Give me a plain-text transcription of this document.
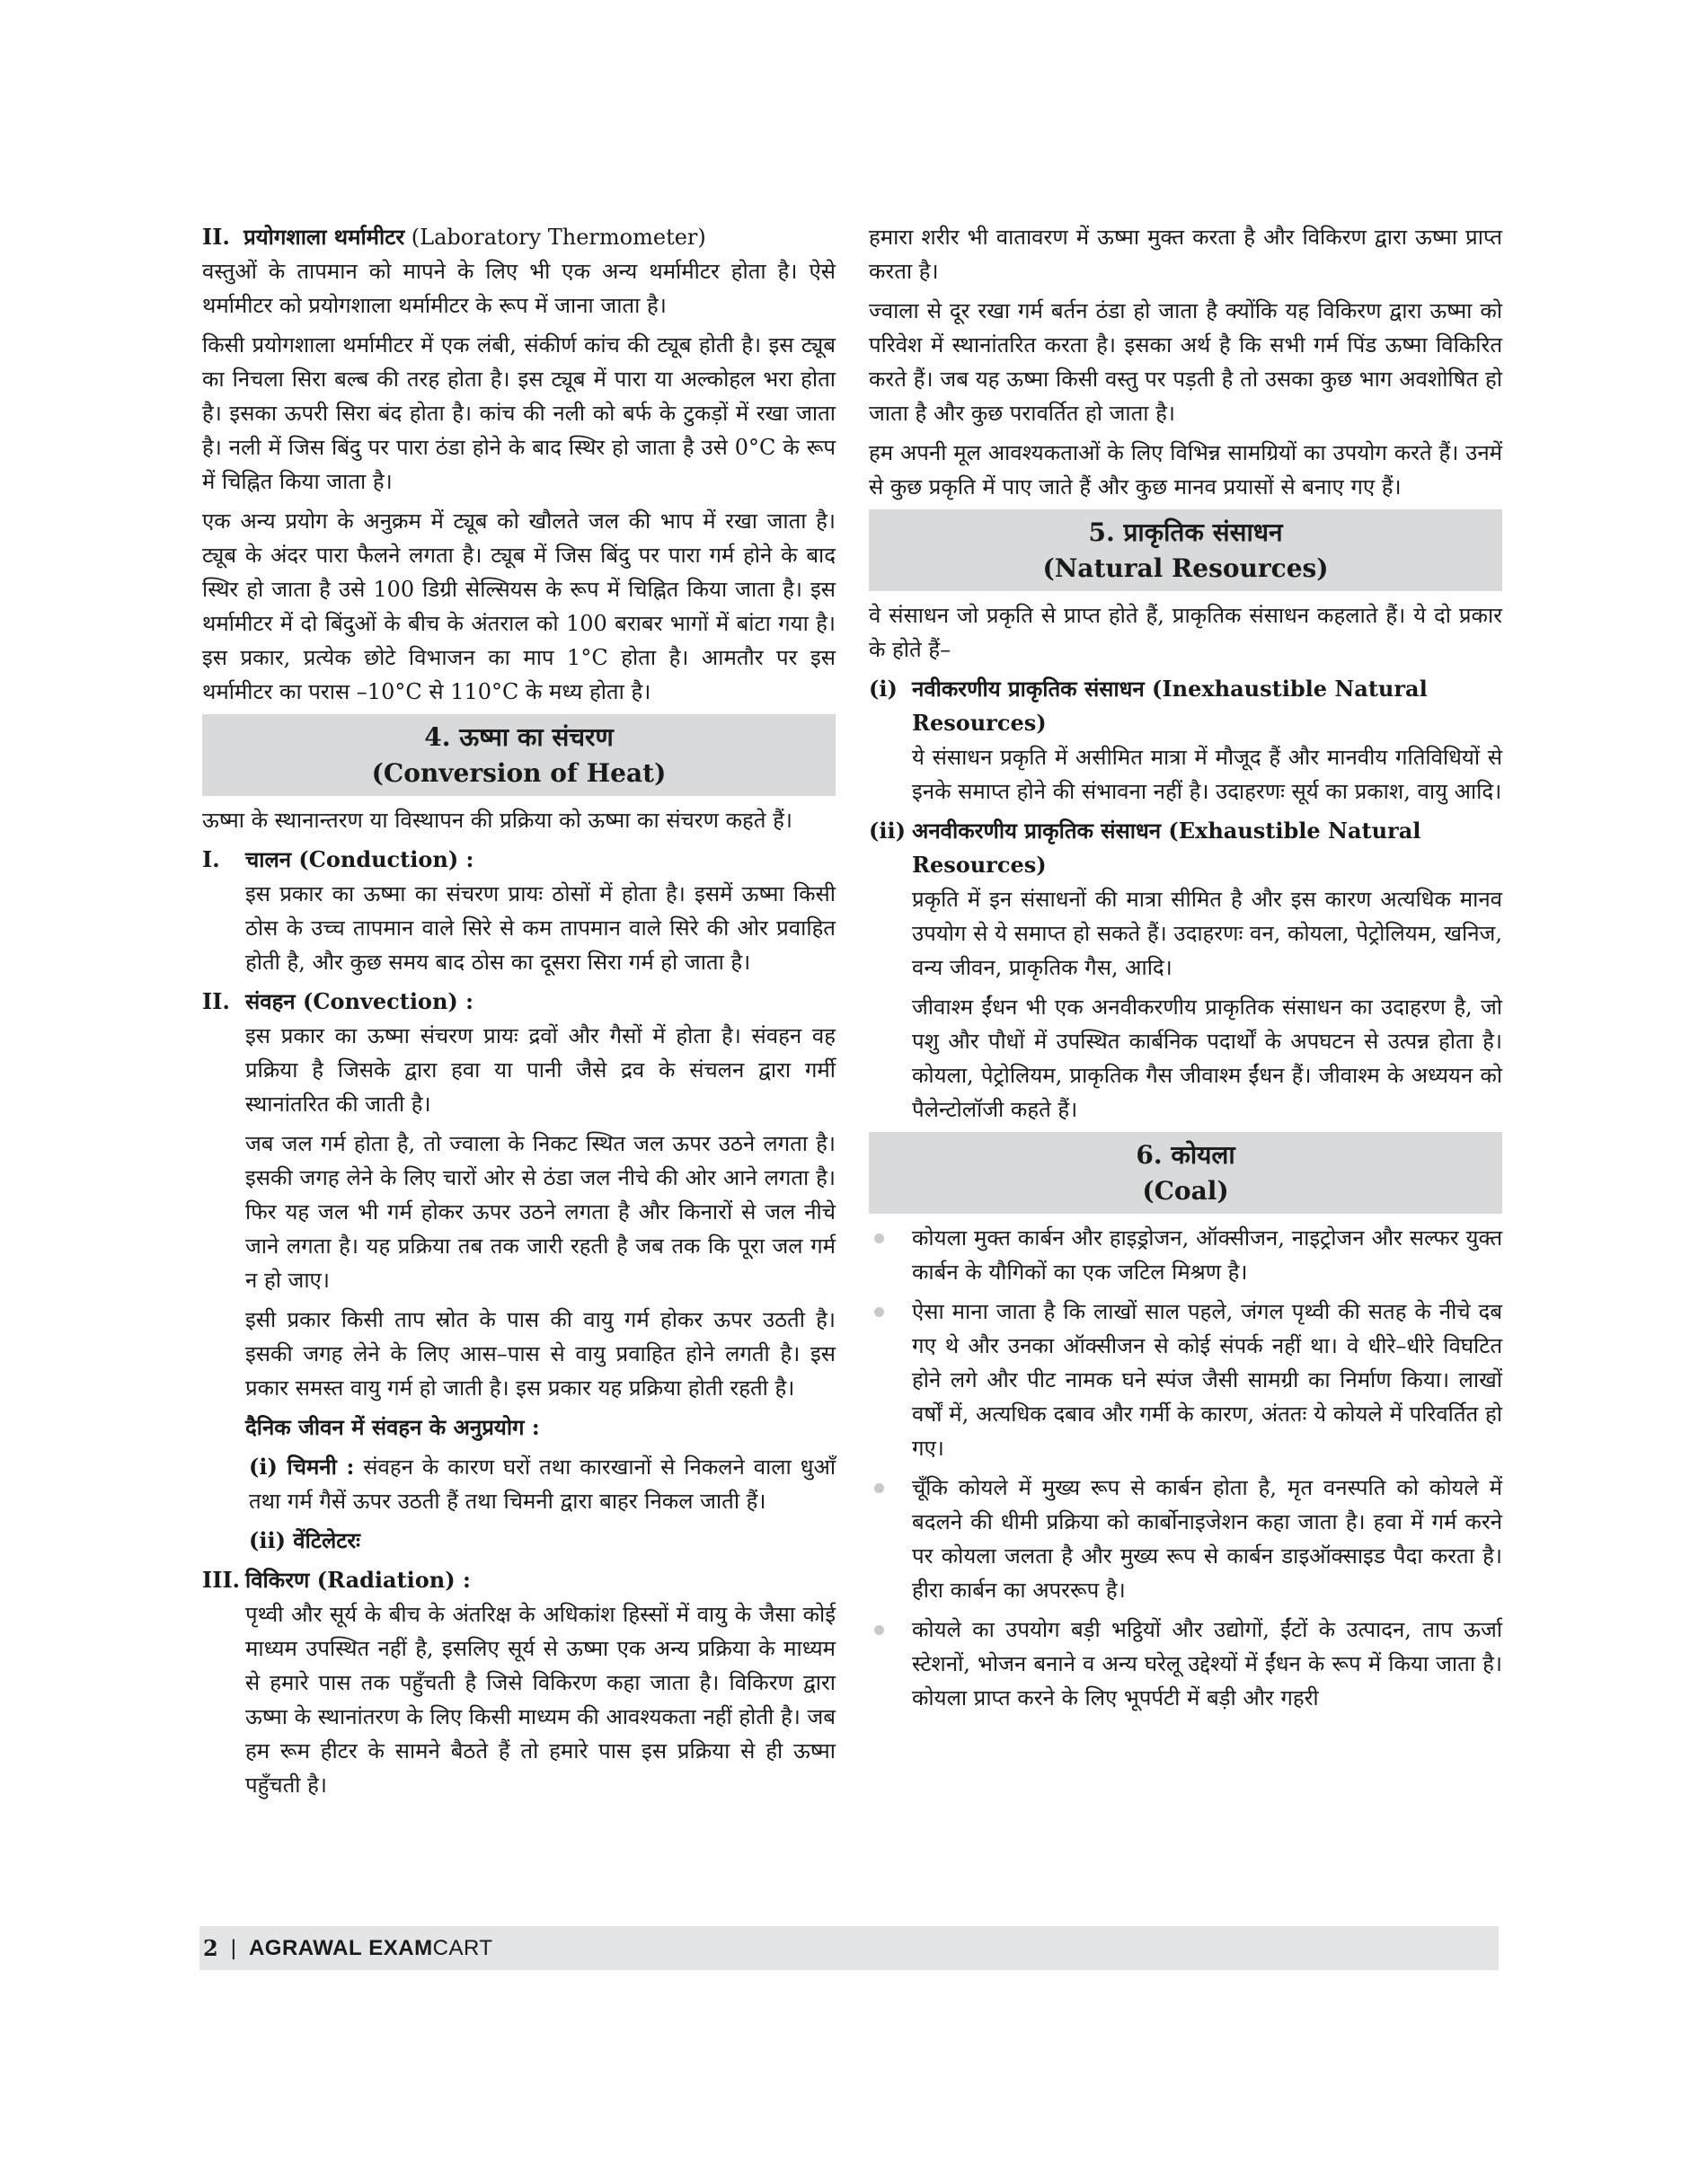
II. प्रयोगशाला थर्मामीटर (Laboratory Thermometer)

वस्तुओं के तापमान को मापने के लिए भी एक अन्य थर्मामीटर होता है। ऐसे थर्मामीटर को प्रयोगशाला थर्मामीटर के रूप में जाना जाता है।

किसी प्रयोगशाला थर्मामीटर में एक लंबी, संकीर्ण कांच की ट्यूब होती है। इस ट्यूब का निचला सिरा बल्ब की तरह होता है। इस ट्यूब में पारा या अल्कोहल भरा होता है। इसका ऊपरी सिरा बंद होता है। कांच की नली को बर्फ के टुकड़ों में रखा जाता है। नली में जिस बिंदु पर पारा ठंडा होने के बाद स्थिर हो जाता है उसे 0°C के रूप में चिह्नित किया जाता है।

एक अन्य प्रयोग के अनुक्रम में ट्यूब को खौलते जल की भाप में रखा जाता है। ट्यूब के अंदर पारा फैलने लगता है। ट्यूब में जिस बिंदु पर पारा गर्म होने के बाद स्थिर हो जाता है उसे 100 डिग्री सेल्सियस के रूप में चिह्नित किया जाता है। इस थर्मामीटर में दो बिंदुओं के बीच के अंतराल को 100 बराबर भागों में बांटा गया है। इस प्रकार, प्रत्येक छोटे विभाजन का माप 1°C होता है। आमतौर पर इस थर्मामीटर का परास –10°C से 110°C के मध्य होता है।

4. ऊष्मा का संचरण
(Conversion of Heat)

ऊष्मा के स्थानान्तरण या विस्थापन की प्रक्रिया को ऊष्मा का संचरण कहते हैं।

I.	चालन (Conduction) :

इस प्रकार का ऊष्मा का संचरण प्रायः ठोसों में होता है। इसमें ऊष्मा किसी ठोस के उच्च तापमान वाले सिरे से कम तापमान वाले सिरे की ओर प्रवाहित होती है, और कुछ समय बाद ठोस का दूसरा सिरा गर्म हो जाता है।

II. संवहन (Convection) :

इस प्रकार का ऊष्मा संचरण प्रायः द्रवों और गैसों में होता है। संवहन वह प्रक्रिया है जिसके द्वारा हवा या पानी जैसे द्रव के संचलन द्वारा गर्मी स्थानांतरित की जाती है।

जब जल गर्म होता है, तो ज्वाला के निकट स्थित जल ऊपर उठने लगता है। इसकी जगह लेने के लिए चारों ओर से ठंडा जल नीचे की ओर आने लगता है। फिर यह जल भी गर्म होकर ऊपर उठने लगता है और किनारों से जल नीचे जाने लगता है। यह प्रक्रिया तब तक जारी रहती है जब तक कि पूरा जल गर्म न हो जाए।

इसी प्रकार किसी ताप स्रोत के पास की वायु गर्म होकर ऊपर उठती है। इसकी जगह लेने के लिए आस–पास से वायु प्रवाहित होने लगती है। इस प्रकार समस्त वायु गर्म हो जाती है। इस प्रकार यह प्रक्रिया होती रहती है।

दैनिक जीवन में संवहन के अनुप्रयोग :

(i) चिमनी : संवहन के कारण घरों तथा कारखानों से निकलने वाला धुआँ तथा गर्म गैसें ऊपर उठती हैं तथा चिमनी द्वारा बाहर निकल जाती हैं।

(ii) वेंटिलेटरः

III. विकिरण (Radiation) :

पृथ्वी और सूर्य के बीच के अंतरिक्ष के अधिकांश हिस्सों में वायु के जैसा कोई माध्यम उपस्थित नहीं है, इसलिए सूर्य से ऊष्मा एक अन्य प्रक्रिया के माध्यम से हमारे पास तक पहुँचती है जिसे विकिरण कहा जाता है। विकिरण द्वारा ऊष्मा के स्थानांतरण के लिए किसी माध्यम की आवश्यकता नहीं होती है। जब हम रूम हीटर के सामने बैठते हैं तो हमारे पास इस प्रक्रिया से ही ऊष्मा पहुँचती है।

हमारा शरीर भी वातावरण में ऊष्मा मुक्त करता है और विकिरण द्वारा ऊष्मा प्राप्त करता है।

ज्वाला से दूर रखा गर्म बर्तन ठंडा हो जाता है क्योंकि यह विकिरण द्वारा ऊष्मा को परिवेश में स्थानांतरित करता है। इसका अर्थ है कि सभी गर्म पिंड ऊष्मा विकिरित करते हैं। जब यह ऊष्मा किसी वस्तु पर पड़ती है तो उसका कुछ भाग अवशोषित हो जाता है और कुछ परावर्तित हो जाता है।

हम अपनी मूल आवश्यकताओं के लिए विभिन्न सामग्रियों का उपयोग करते हैं। उनमें से कुछ प्रकृति में पाए जाते हैं और कुछ मानव प्रयासों से बनाए गए हैं।

5. प्राकृतिक संसाधन
(Natural Resources)

वे संसाधन जो प्रकृति से प्राप्त होते हैं, प्राकृतिक संसाधन कहलाते हैं। ये दो प्रकार के होते हैं–

(i) नवीकरणीय प्राकृतिक संसाधन (Inexhaustible Natural Resources)

ये संसाधन प्रकृति में असीमित मात्रा में मौजूद हैं और मानवीय गतिविधियों से इनके समाप्त होने की संभावना नहीं है। उदाहरणः सूर्य का प्रकाश, वायु आदि।

(ii) अनवीकरणीय प्राकृतिक संसाधन (Exhaustible Natural Resources)

प्रकृति में इन संसाधनों की मात्रा सीमित है और इस कारण अत्यधिक मानव उपयोग से ये समाप्त हो सकते हैं। उदाहरणः वन, कोयला, पेट्रोलियम, खनिज, वन्य जीवन, प्राकृतिक गैस, आदि।

जीवाश्म ईंधन भी एक अनवीकरणीय प्राकृतिक संसाधन का उदाहरण है, जो पशु और पौधों में उपस्थित कार्बनिक पदार्थों के अपघटन से उत्पन्न होता है। कोयला, पेट्रोलियम, प्राकृतिक गैस जीवाश्म ईंधन हैं। जीवाश्म के अध्ययन को पैलेन्टोलॉजी कहते हैं।

6. कोयला
(Coal)
कोयला मुक्त कार्बन और हाइड्रोजन, ऑक्सीजन, नाइट्रोजन और सल्फर युक्त कार्बन के यौगिकों का एक जटिल मिश्रण है।
ऐसा माना जाता है कि लाखों साल पहले, जंगल पृथ्वी की सतह के नीचे दब गए थे और उनका ऑक्सीजन से कोई संपर्क नहीं था। वे धीरे–धीरे विघटित होने लगे और पीट नामक घने स्पंज जैसी सामग्री का निर्माण किया। लाखों वर्षों में, अत्यधिक दबाव और गर्मी के कारण, अंततः ये कोयले में परिवर्तित हो गए।
चूँकि कोयले में मुख्य रूप से कार्बन होता है, मृत वनस्पति को कोयले में बदलने की धीमी प्रक्रिया को कार्बोनाइजेशन कहा जाता है। हवा में गर्म करने पर कोयला जलता है और मुख्य रूप से कार्बन डाइऑक्साइड पैदा करता है। हीरा कार्बन का अपररूप है।
कोयले का उपयोग बड़ी भट्ठियों और उद्योगों, ईंटों के उत्पादन, ताप ऊर्जा स्टेशनों, भोजन बनाने व अन्य घरेलू उद्देश्यों में ईंधन के रूप में किया जाता है। कोयला प्राप्त करने के लिए भूपर्पटी में बड़ी और गहरी
2 | AGRAWAL EXAMCART
